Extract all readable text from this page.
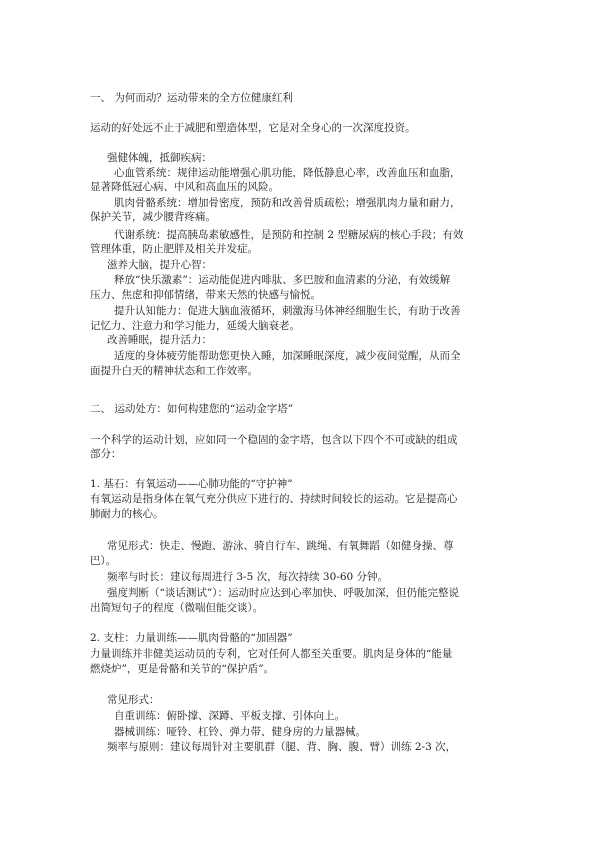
一、 为何而动？运动带来的全方位健康红利
运动的好处远不止于减肥和塑造体型，它是对全身心的一次深度投资。
强健体魄，抵御疾病：
心血管系统：规律运动能增强心肌功能，降低静息心率，改善血压和血脂，
显著降低冠心病、中风和高血压的风险。
肌肉骨骼系统：增加骨密度，预防和改善骨质疏松；增强肌肉力量和耐力，
保护关节，减少腰背疼痛。
代谢系统：提高胰岛素敏感性，是预防和控制 2 型糖尿病的核心手段；有效
管理体重，防止肥胖及相关并发症。
滋养大脑，提升心智：
释放“快乐激素”：运动能促进内啡肽、多巴胺和血清素的分泌，有效缓解
压力、焦虑和抑郁情绪，带来天然的快感与愉悦。
提升认知能力：促进大脑血液循环，刺激海马体神经细胞生长，有助于改善
记忆力、注意力和学习能力，延缓大脑衰老。
改善睡眠，提升活力：
适度的身体疲劳能帮助您更快入睡，加深睡眠深度，减少夜间觉醒，从而全
面提升白天的精神状态和工作效率。
二、 运动处方：如何构建您的“运动金字塔”
一个科学的运动计划，应如同一个稳固的金字塔，包含以下四个不可或缺的组成
部分：
1. 基石：有氧运动——心肺功能的“守护神”
有氧运动是指身体在氧气充分供应下进行的、持续时间较长的运动。它是提高心
肺耐力的核心。
常见形式：快走、慢跑、游泳、骑自行车、跳绳、有氧舞蹈（如健身操、尊
巴）。
频率与时长：建议每周进行 3-5 次，每次持续 30-60 分钟。
强度判断（“谈话测试”）：运动时应达到心率加快、呼吸加深，但仍能完整说
出简短句子的程度（微喘但能交谈）。
2. 支柱：力量训练——肌肉骨骼的“加固器”
力量训练并非健美运动员的专利，它对任何人都至关重要。肌肉是身体的“能量
燃烧炉”，更是骨骼和关节的“保护盾”。
常见形式：
自重训练：俯卧撑、深蹲、平板支撑、引体向上。
器械训练：哑铃、杠铃、弹力带、健身房的力量器械。
频率与原则：建议每周针对主要肌群（腿、背、胸、腹、臂）训练 2-3 次，
